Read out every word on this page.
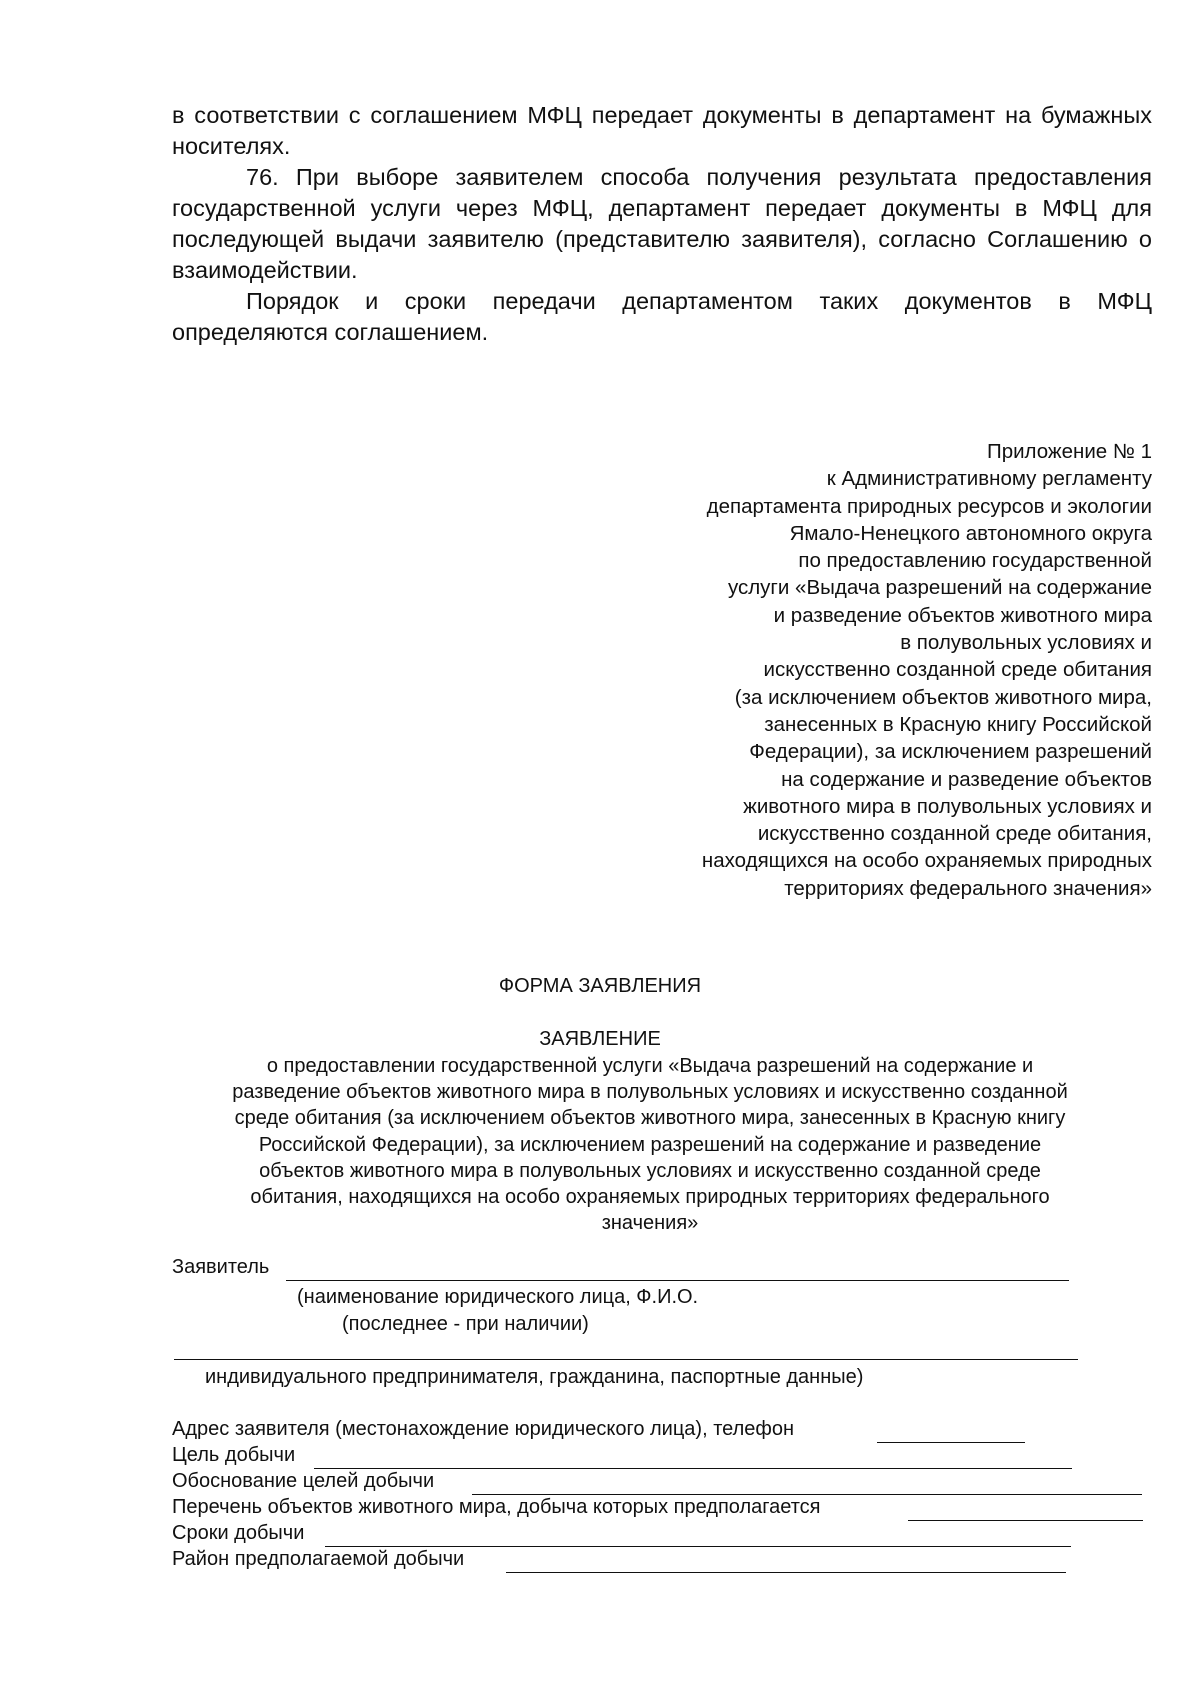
в соответствии с соглашением МФЦ передает документы в департамент на бумажных носителях.

76. При выборе заявителем способа получения результата предоставления государственной услуги через МФЦ, департамент передает документы в МФЦ для последующей выдачи заявителю (представителю заявителя), согласно Соглашению о взаимодействии.

Порядок и сроки передачи департаментом таких документов в МФЦ определяются соглашением.

Приложение № 1
к Административному регламенту
департамента природных ресурсов и экологии
Ямало-Ненецкого автономного округа
по предоставлению государственной
услуги «Выдача разрешений на содержание
и разведение объектов животного мира
в полувольных условиях и
искусственно созданной среде обитания
(за исключением объектов животного мира,
занесенных в Красную книгу Российской
Федерации), за исключением разрешений
на содержание и разведение объектов
животного мира в полувольных условиях и
искусственно созданной среде обитания,
находящихся на особо охраняемых природных
территориях федерального значения»
ФОРМА ЗАЯВЛЕНИЯ
ЗАЯВЛЕНИЕ
о предоставлении государственной услуги «Выдача разрешений на содержание и
разведение объектов животного мира в полувольных условиях и искусственно созданной
среде обитания (за исключением объектов животного мира, занесенных в Красную книгу
Российской Федерации), за исключением разрешений на содержание и разведение
объектов животного мира в полувольных условиях и искусственно созданной среде
обитания, находящихся на особо охраняемых природных территориях федерального
значения»
Заявитель
(наименование юридического лица, Ф.И.О.
(последнее - при наличии)
индивидуального предпринимателя, гражданина, паспортные данные)
Адрес заявителя (местонахождение юридического лица), телефон
Цель добычи
Обоснование целей добычи
Перечень объектов животного мира, добыча которых предполагается
Сроки добычи
Район предполагаемой добычи
